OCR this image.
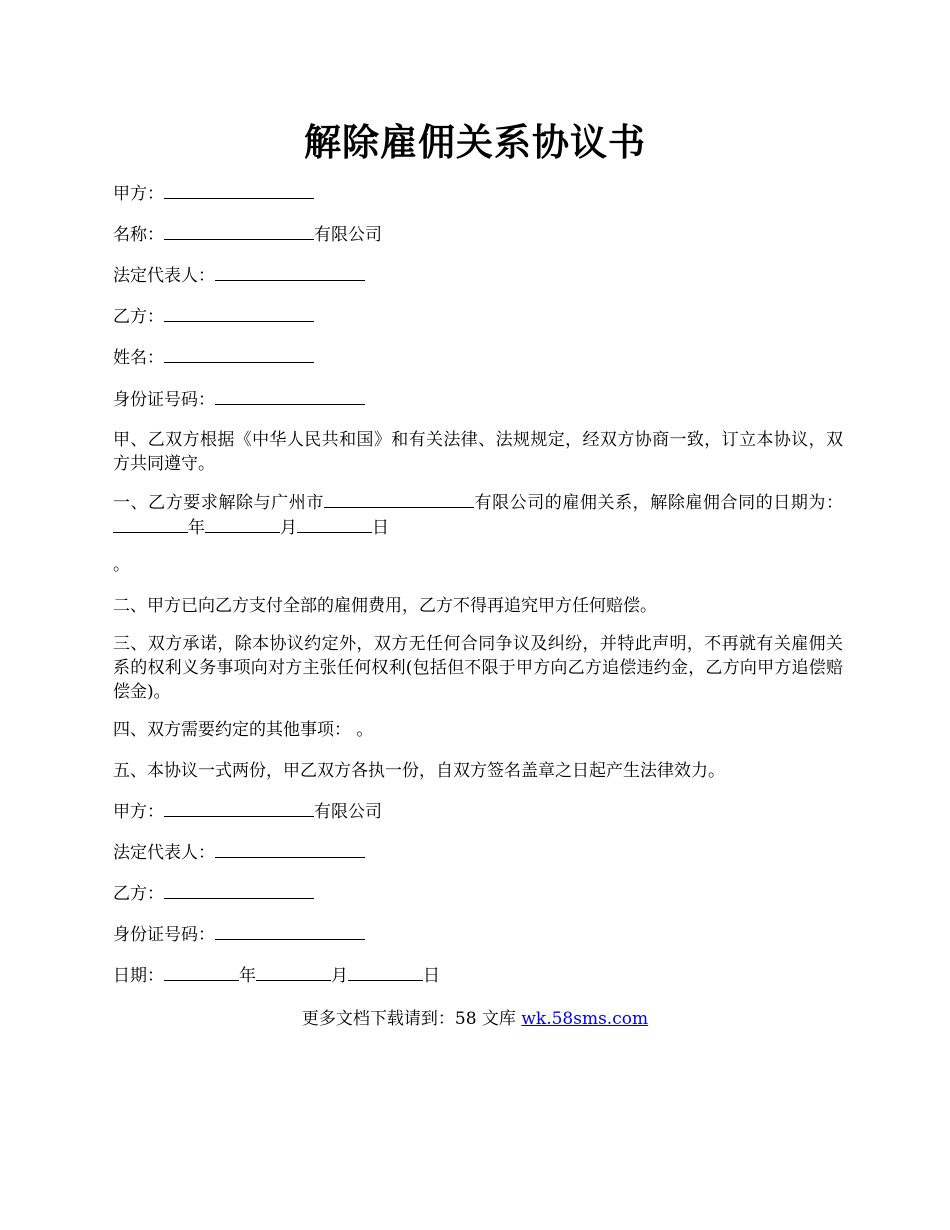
解除雇佣关系协议书
甲方：
名称：	有限公司
法定代表人：
乙方：
姓名：
身份证号码：
甲、乙双方根据《中华人民共和国》和有关法律、法规规定，经双方协商一致，订立本协议，双方共同遵守。
一、乙方要求解除与广州市	有限公司的雇佣关系，解除雇佣合同的日期为：年	月	日
。
二、甲方已向乙方支付全部的雇佣费用，乙方不得再追究甲方任何赔偿。
三、双方承诺，除本协议约定外，双方无任何合同争议及纠纷，并特此声明，不再就有关雇佣关系的权利义务事项向对方主张任何权利(包括但不限于甲方向乙方追偿违约金，乙方向甲方追偿赔偿金)。
四、双方需要约定的其他事项： 。
五、本协议一式两份，甲乙双方各执一份，自双方签名盖章之日起产生法律效力。
甲方：	有限公司
法定代表人：
乙方：
身份证号码：
日期：	年	月	日
更多文档下载请到：58 文库 wk.58sms.com
